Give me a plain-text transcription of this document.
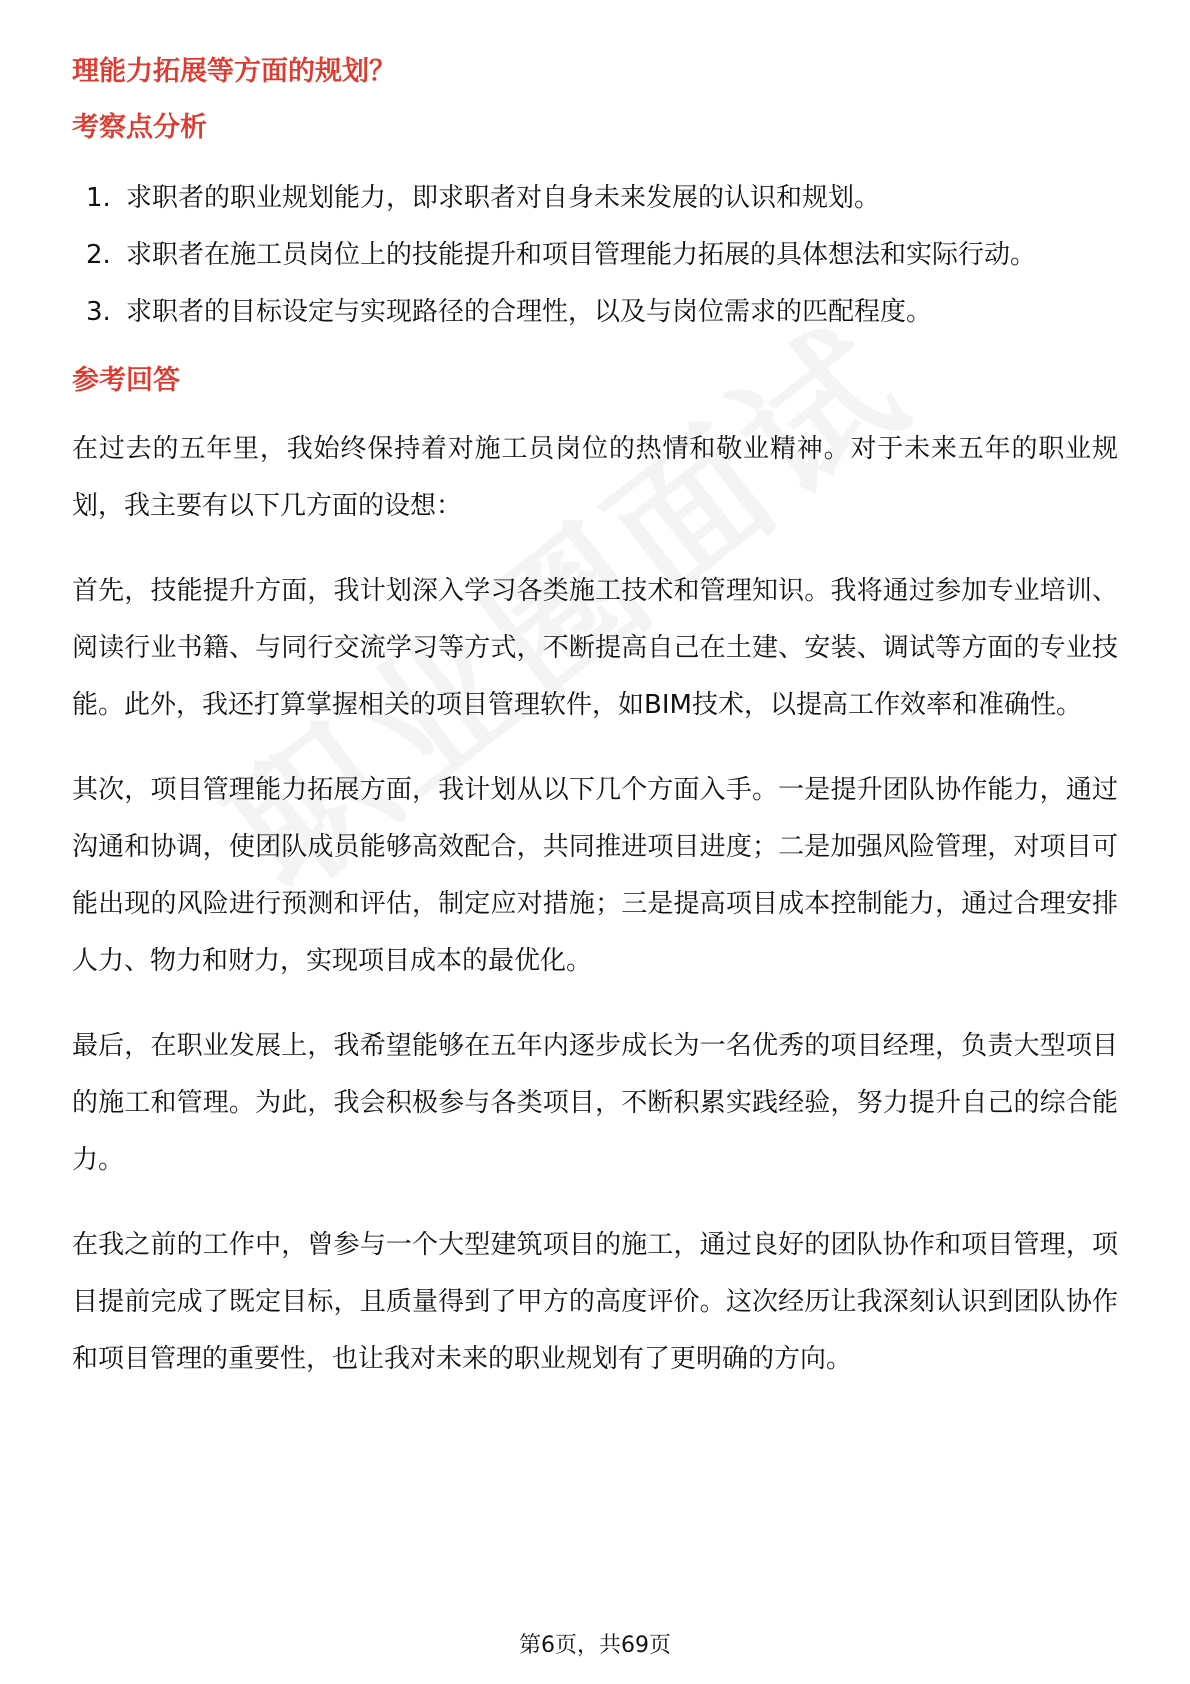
理能力拓展等方面的规划？
考察点分析
1. 求职者的职业规划能力，即求职者对自身未来发展的认识和规划。
2. 求职者在施工员岗位上的技能提升和项目管理能力拓展的具体想法和实际行动。
3. 求职者的目标设定与实现路径的合理性，以及与岗位需求的匹配程度。
参考回答

在过去的五年里，我始终保持着对施工员岗位的热情和敬业精神。对于未来五年的职业规划，我主要有以下几方面的设想：

首先，技能提升方面，我计划深入学习各类施工技术和管理知识。我将通过参加专业培训、阅读行业书籍、与同行交流学习等方式，不断提高自己在土建、安装、调试等方面的专业技能。此外，我还打算掌握相关的项目管理软件，如BIM技术，以提高工作效率和准确性。

其次，项目管理能力拓展方面，我计划从以下几个方面入手。一是提升团队协作能力，通过沟通和协调，使团队成员能够高效配合，共同推进项目进度；二是加强风险管理，对项目可能出现的风险进行预测和评估，制定应对措施；三是提高项目成本控制能力，通过合理安排人力、物力和财力，实现项目成本的最优化。

最后，在职业发展上，我希望能够在五年内逐步成长为一名优秀的项目经理，负责大型项目的施工和管理。为此，我会积极参与各类项目，不断积累实践经验，努力提升自己的综合能力。

在我之前的工作中，曾参与一个大型建筑项目的施工，通过良好的团队协作和项目管理，项目提前完成了既定目标，且质量得到了甲方的高度评价。这次经历让我深刻认识到团队协作和项目管理的重要性，也让我对未来的职业规划有了更明确的方向。

第6页，共69页
